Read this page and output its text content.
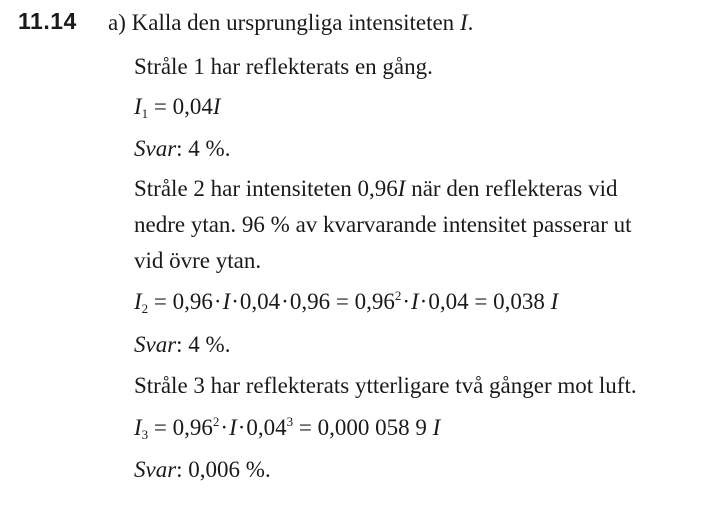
11.14 a) Kalla den ursprungliga intensiteten I.
Stråle 1 har reflekterats en gång.
$I_1 = 0,04I$
Svar: 4 %.
Stråle 2 har intensiteten 0,96I när den reflekteras vid
nedre ytan. 96 % av kvarvarande intensitet passerar ut
vid övre ytan.
$I_2 = 0,96\cdot I\cdot 0,04\cdot 0,96 = 0,96^2\cdot I\cdot 0,04 = 0,038$ I
Svar: 4 %.
Stråle 3 har reflekterats ytterligare två gånger mot luft.
$I_3 = 0,96^2\cdot I\cdot 0,04^3 = 0,000$ 058 9 I
Svar: 0,006 %.
